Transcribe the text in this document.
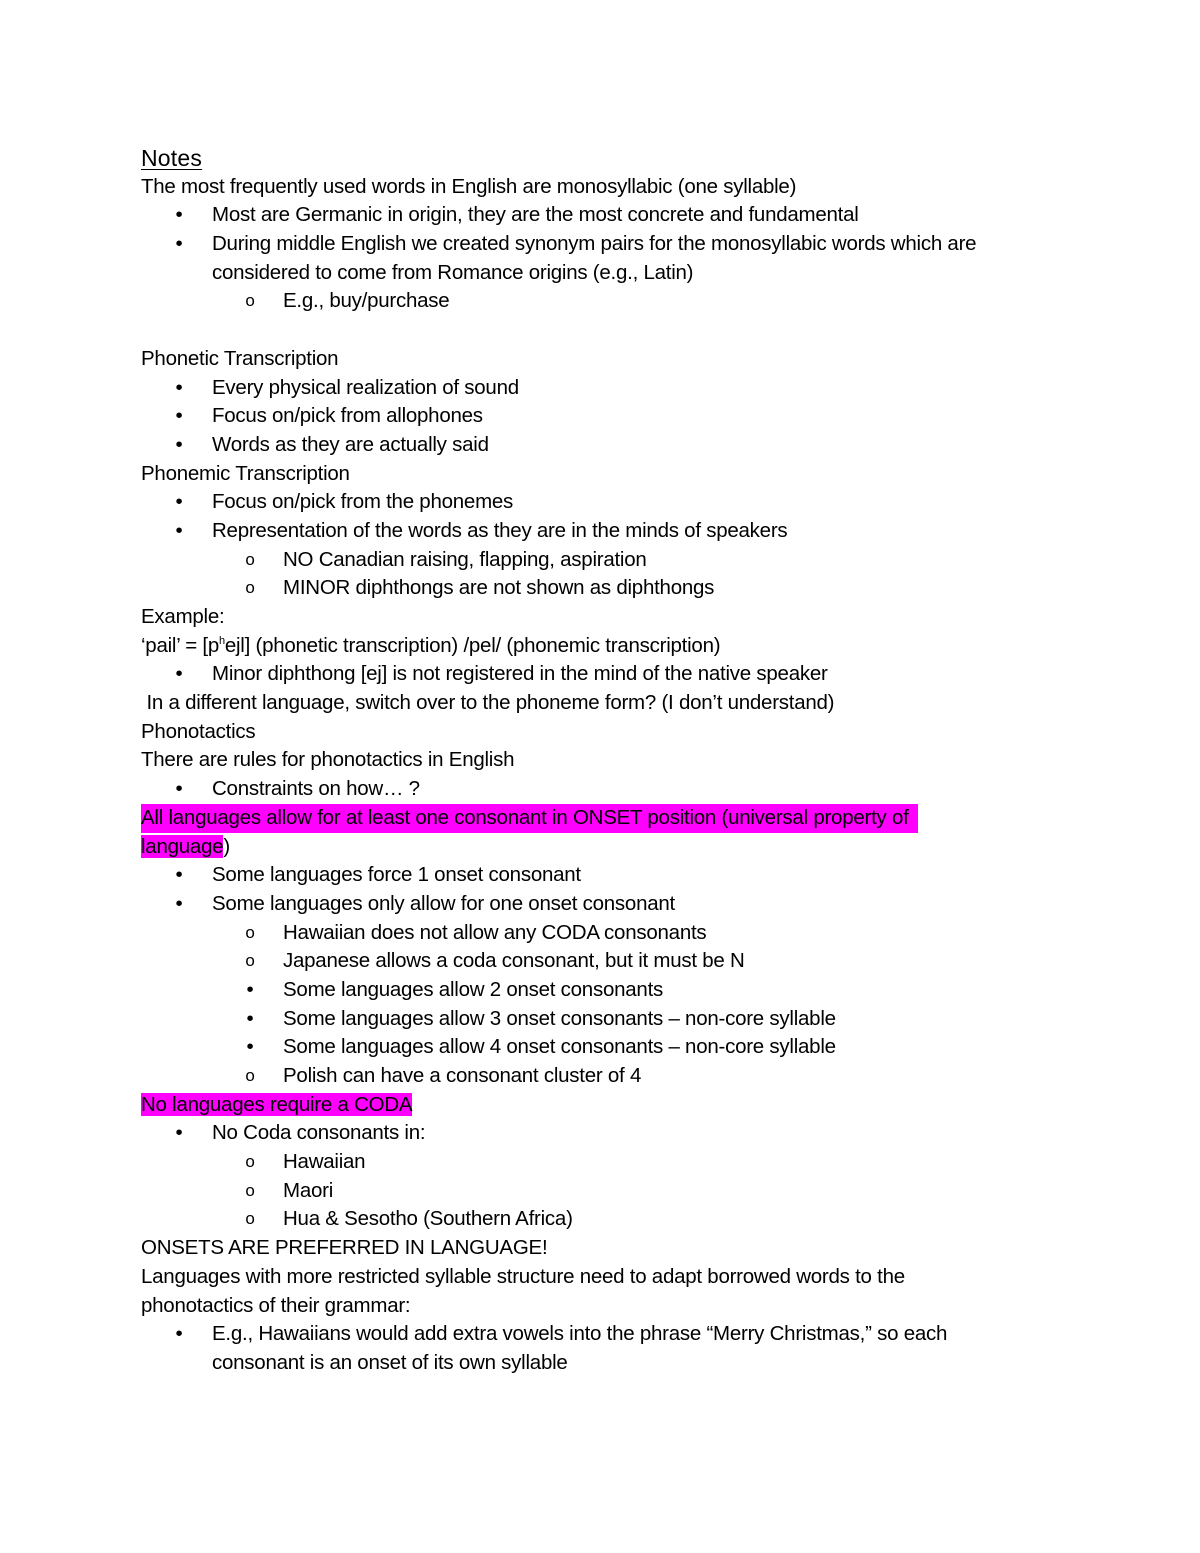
Notes
The most frequently used words in English are monosyllabic (one syllable)
•	Most are Germanic in origin, they are the most concrete and fundamental
•	During middle English we created synonym pairs for the monosyllabic words which are
considered to come from Romance origins (e.g., Latin)
o E.g., buy/purchase
Phonetic Transcription
•	Every physical realization of sound
•	Focus on/pick from allophones
•	Words as they are actually said
Phonemic Transcription
•	Focus on/pick from the phonemes
•	Representation of the words as they are in the minds of speakers
o NO Canadian raising, flapping, aspiration
o MINOR diphthongs are not shown as diphthongs
Example:
‘pail’ = $[p^hejl]$ (phonetic transcription) /pel/ (phonemic transcription)
•	Minor diphthong [ej] is not registered in the mind of the native speaker
In a different language, switch over to the phoneme form? (I don’t understand)
Phonotactics
There are rules for phonotactics in English
•	Constraints on how… ?
All languages allow for at least one consonant in ONSET position (universal property of
language)
•	Some languages force 1 onset consonant
•	Some languages only allow for one onset consonant
o Hawaiian does not allow any CODA consonants
o Japanese allows a coda consonant, but it must be N
•	Some languages allow 2 onset consonants
•	Some languages allow 3 onset consonants – non-core syllable
•	Some languages allow 4 onset consonants – non-core syllable
o Polish can have a consonant cluster of 4
No languages require a CODA
•	No Coda consonants in:
o Hawaiian
o Maori
o Hua & Sesotho (Southern Africa)
ONSETS ARE PREFERRED IN LANGUAGE!
Languages with more restricted syllable structure need to adapt borrowed words to the
phonotactics of their grammar:
•	E.g., Hawaiians would add extra vowels into the phrase “Merry Christmas,” so each
consonant is an onset of its own syllable
